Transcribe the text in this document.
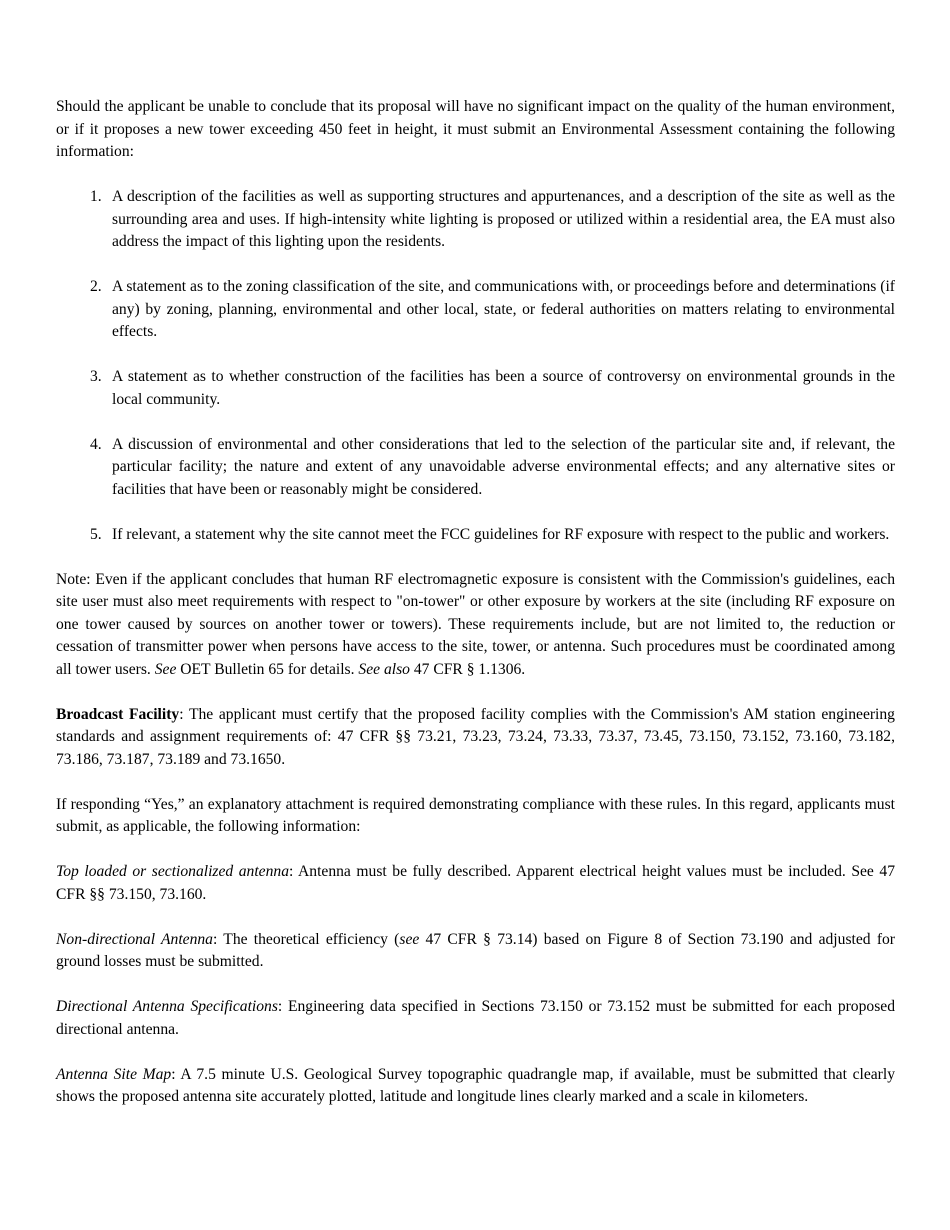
Should the applicant be unable to conclude that its proposal will have no significant impact on the quality of the human environment, or if it proposes a new tower exceeding 450 feet in height, it must submit an Environmental Assessment containing the following information:

1. A description of the facilities as well as supporting structures and appurtenances, and a description of the site as well as the surrounding area and uses. If high-intensity white lighting is proposed or utilized within a residential area, the EA must also address the impact of this lighting upon the residents.
2. A statement as to the zoning classification of the site, and communications with, or proceedings before and determinations (if any) by zoning, planning, environmental and other local, state, or federal authorities on matters relating to environmental effects.
3. A statement as to whether construction of the facilities has been a source of controversy on environmental grounds in the local community.
4. A discussion of environmental and other considerations that led to the selection of the particular site and, if relevant, the particular facility; the nature and extent of any unavoidable adverse environmental effects; and any alternative sites or facilities that have been or reasonably might be considered.
5. If relevant, a statement why the site cannot meet the FCC guidelines for RF exposure with respect to the public and workers.

Note: Even if the applicant concludes that human RF electromagnetic exposure is consistent with the Commission's guidelines, each site user must also meet requirements with respect to "on-tower" or other exposure by workers at the site (including RF exposure on one tower caused by sources on another tower or towers). These requirements include, but are not limited to, the reduction or cessation of transmitter power when persons have access to the site, tower, or antenna. Such procedures must be coordinated among all tower users. See OET Bulletin 65 for details. See also 47 CFR § 1.1306.

Broadcast Facility: The applicant must certify that the proposed facility complies with the Commission's AM station engineering standards and assignment requirements of: 47 CFR §§ 73.21, 73.23, 73.24, 73.33, 73.37, 73.45, 73.150, 73.152, 73.160, 73.182, 73.186, 73.187, 73.189 and 73.1650.

If responding “Yes,” an explanatory attachment is required demonstrating compliance with these rules. In this regard, applicants must submit, as applicable, the following information:

Top loaded or sectionalized antenna: Antenna must be fully described. Apparent electrical height values must be included. See 47 CFR §§ 73.150, 73.160.

Non-directional Antenna: The theoretical efficiency (see 47 CFR § 73.14) based on Figure 8 of Section 73.190 and adjusted for ground losses must be submitted.

Directional Antenna Specifications: Engineering data specified in Sections 73.150 or 73.152 must be submitted for each proposed directional antenna.

Antenna Site Map: A 7.5 minute U.S. Geological Survey topographic quadrangle map, if available, must be submitted that clearly shows the proposed antenna site accurately plotted, latitude and longitude lines clearly marked and a scale in kilometers.
